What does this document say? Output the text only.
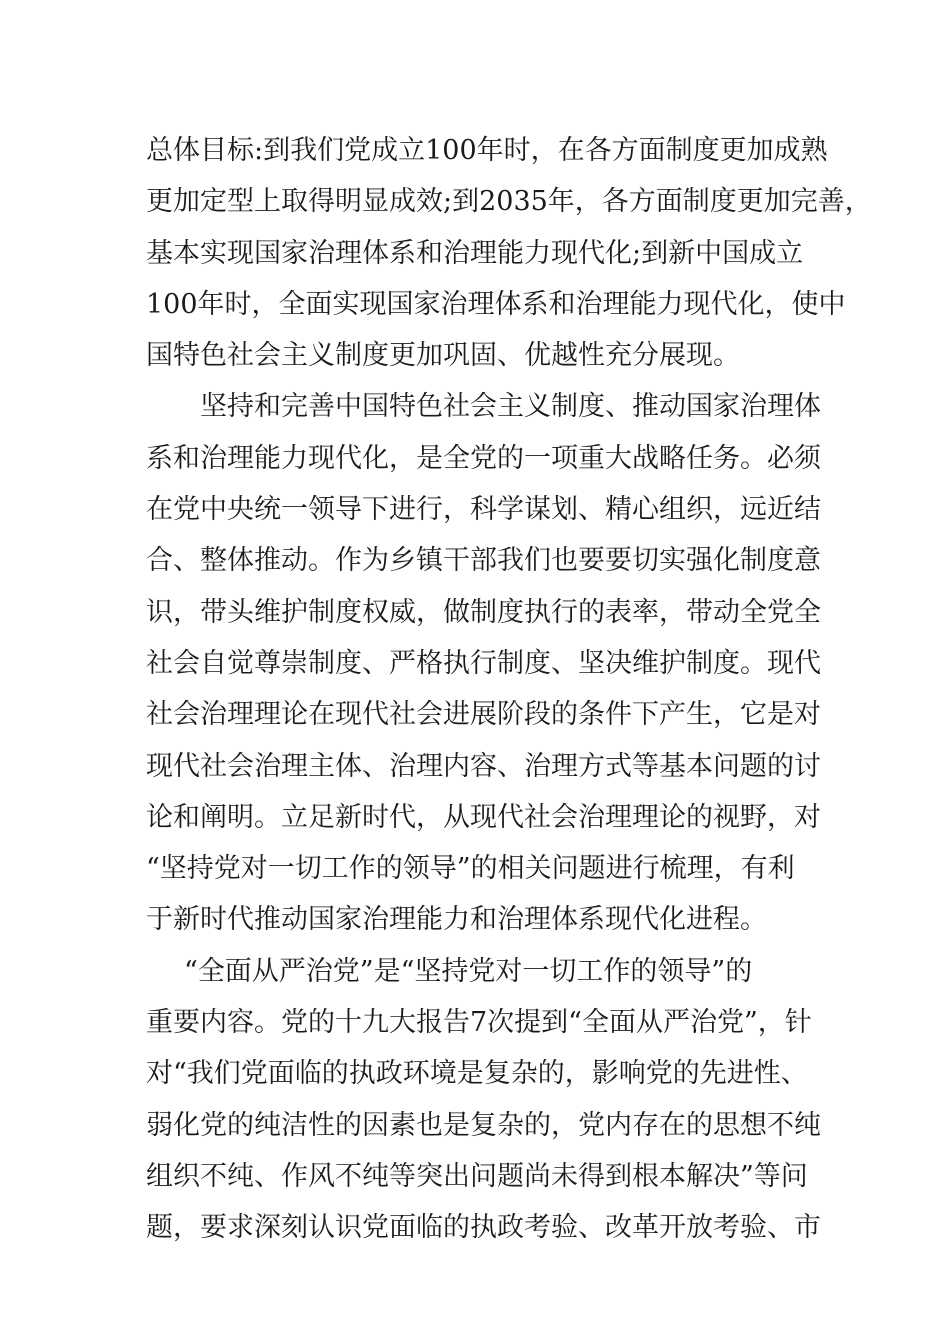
总体目标:到我们党成立100年时，在各方面制度更加成熟
更加定型上取得明显成效;到2035年，各方面制度更加完善，
基本实现国家治理体系和治理能力现代化;到新中国成立
100年时，全面实现国家治理体系和治理能力现代化，使中
国特色社会主义制度更加巩固、优越性充分展现。
坚持和完善中国特色社会主义制度、推动国家治理体
系和治理能力现代化，是全党的一项重大战略任务。必须
在党中央统一领导下进行，科学谋划、精心组织，远近结
合、整体推动。作为乡镇干部我们也要要切实强化制度意
识，带头维护制度权威，做制度执行的表率，带动全党全
社会自觉尊崇制度、严格执行制度、坚决维护制度。现代
社会治理理论在现代社会进展阶段的条件下产生，它是对
现代社会治理主体、治理内容、治理方式等基本问题的讨
论和阐明。立足新时代，从现代社会治理理论的视野，对
“坚持党对一切工作的领导”的相关问题进行梳理，有利
于新时代推动国家治理能力和治理体系现代化进程。
“全面从严治党”是“坚持党对一切工作的领导”的
重要内容。党的十九大报告7次提到“全面从严治党”，针
对“我们党面临的执政环境是复杂的，影响党的先进性、
弱化党的纯洁性的因素也是复杂的，党内存在的思想不纯
组织不纯、作风不纯等突出问题尚未得到根本解决”等问
题，要求深刻认识党面临的执政考验、改革开放考验、市
